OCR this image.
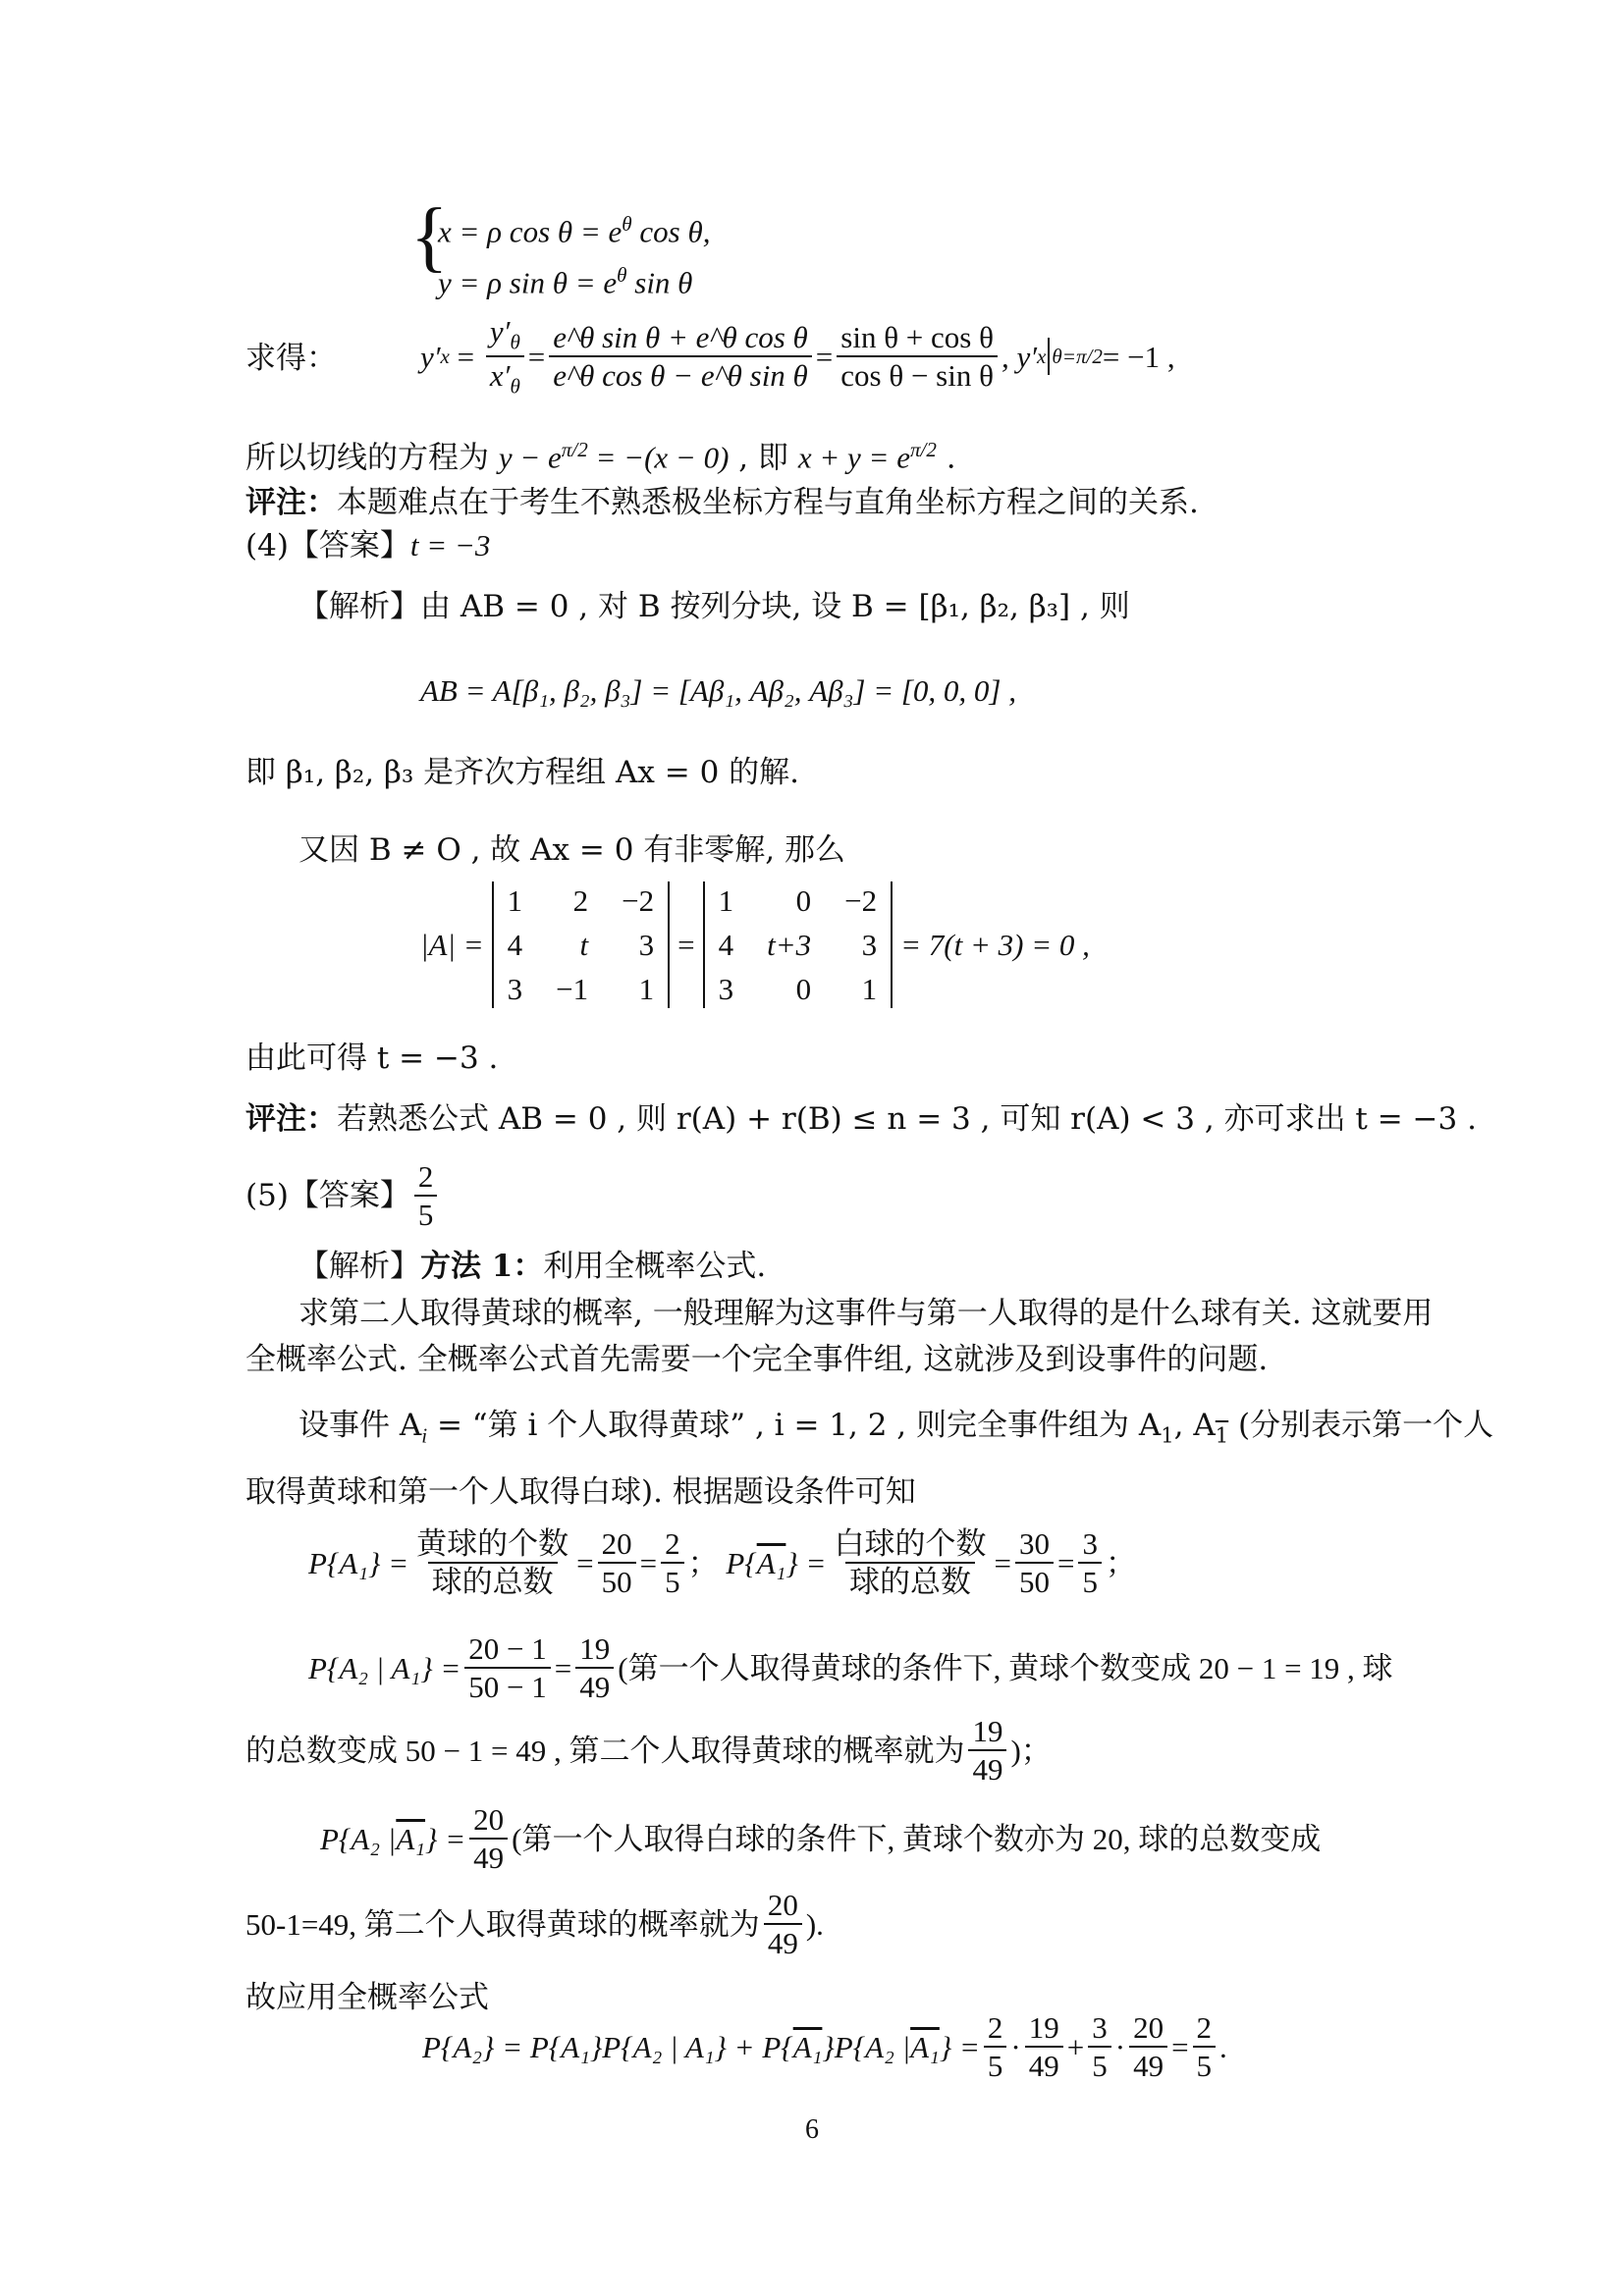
{
x = ρ $\cos \theta = e^\theta$ cos θ,
y = ρ $\sin \theta = e^\theta$ sin θ
求得：	y′ $x = \frac{y'_\theta}{x'_\theta} = \frac{\text{e\textasciicircum{}θ sin θ + e\textasciicircum{}θ cos θ}}{\text{e\textasciicircum{}θ cos θ − e\textasciicircum{}θ sin θ}} = \frac{\text{sin θ + cos θ}}{\text{cos θ − sin θ}}$ , y′ x θ=π/2 = −1 ,
所以切线的方程为 $y - e^{\pi/2} = -(x - 0)$ , 即 $x + y = e^{\pi/2}$ .
评注：本题难点在于考生不熟悉极坐标方程与直角坐标方程之间的关系.
(4)【答案】t = −3
【解析】由 AB = 0 , 对 B 按列分块, 设 B = [β₁, β₂, β₃] , 则
AB = A[β₁, β₂, β₃] = [Aβ₁, Aβ₂, Aβ₃] = [0, 0, 0] ,
即 β₁, β₂, β₃ 是齐次方程组 Ax = 0 的解.
又因 B ≠ O , 故 Ax = 0 有非零解, 那么
|A| =
1	2 −2
4	t	3
3 −1	1
=
1	0 −2
4 t+3	3
3	0	1
= 7(t + 3) = 0 ,
由此可得 t = −3 .
评注：若熟悉公式 AB = 0 , 则 r(A) + r(B) ≤ n = 3 , 可知 r(A) < 3 , 亦可求出 t = −3 .
(5)【答案】 $\frac{2}{5}$
【解析】方法 1：利用全概率公式.
求第二人取得黄球的概率, 一般理解为这事件与第一人取得的是什么球有关. 这就要用
全概率公式. 全概率公式首先需要一个完全事件组, 这就涉及到设事件的问题.
设事件 $A_i$ = “第 i 个人取得黄球” , i = 1, 2 , 则完全事件组为 $A_1$, $A_1$ (分别表示第一个人
取得黄球和第一个人取得白球). 根据题设条件可知
$P\{A_1\} = \frac{\text{黄球的个数}}{\text{球的总数}} = \frac{20}{50} = \frac{2}{5}$ ； P{ A₁ } = $\frac{\text{白球的个数}}{\text{球的总数}} = \frac{30}{50} = \frac{3}{5}$ ；
P{A₂ | $A_1\} = \frac{20 - 1}{50 - 1} = \frac{19}{49}$ (第一个人取得黄球的条件下, 黄球个数变成 20 − 1 = 19 , 球
的总数变成 50 − 1 = 49 , 第二个人取得黄球的概率就为 $\frac{19}{49}$ )；
P{A₂ | A₁ } = $\frac{20}{49}$ (第一个人取得白球的条件下, 黄球个数亦为 20, 球的总数变成
50-1=49, 第二个人取得黄球的概率就为 $\frac{20}{49}$ ).
故应用全概率公式
P{A₂} = P{A₁}P{A₂ | A₁} + P{ A₁ }P{A₂ | A₁ } = $\frac{2}{5} \cdot \frac{19}{49} + \frac{3}{5} \cdot \frac{20}{49} = \frac{2}{5}$ .
6
